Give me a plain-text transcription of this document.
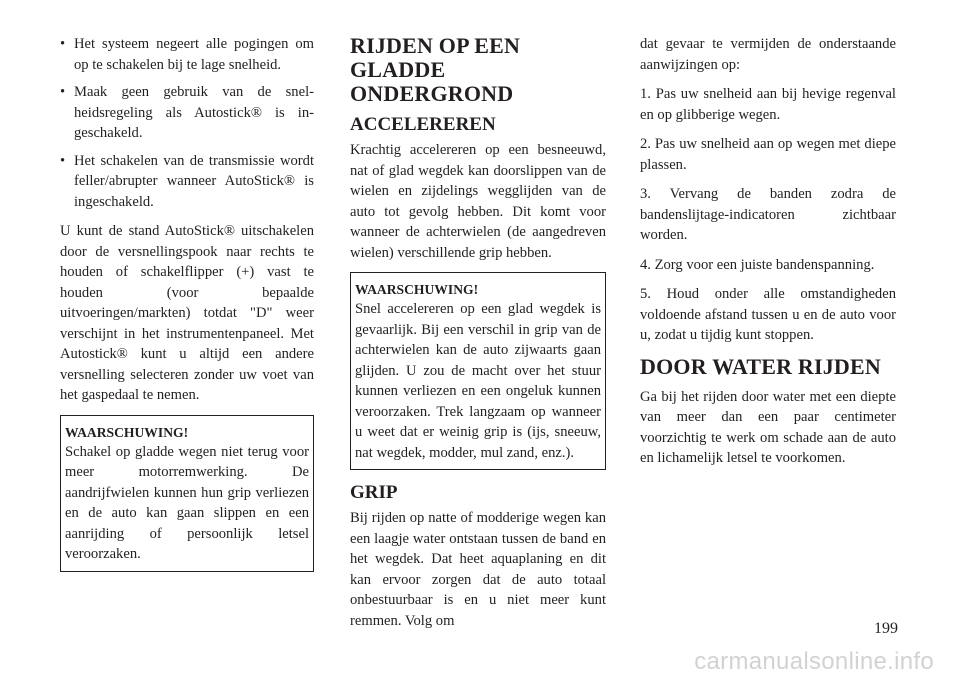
• Het systeem negeert alle pogingen om op te schakelen bij te lage snelheid.
• Maak geen gebruik van de snelheidsregeling als Autostick® is ingeschakeld.
• Het schakelen van de transmissie wordt feller/abrupter wanneer AutoStick® is ingeschakeld.

U kunt de stand AutoStick® uitschakelen door de versnellingspook naar rechts te houden of schakelflipper (+) vast te houden (voor bepaalde uitvoeringen/markten) totdat "D" weer verschijnt in het instrumentenpaneel. Met Autostick® kunt u altijd een andere versnelling selecteren zonder uw voet van het gaspedaal te nemen.

WAARSCHUWING!
Schakel op gladde wegen niet terug voor meer motorremwerking. De aandrijfwielen kunnen hun grip verliezen en de auto kan gaan slippen en een aanrijding of persoonlijk letsel veroorzaken.
RIJDEN OP EEN GLADDE ONDERGROND
ACCELEREREN

Krachtig accelereren op een besneeuwd, nat of glad wegdek kan doorslippen van de wielen en zijdelings wegglijden van de auto tot gevolg hebben. Dit komt voor wanneer de achterwielen (de aangedreven wielen) verschillende grip hebben.

WAARSCHUWING!
Snel accelereren op een glad wegdek is gevaarlijk. Bij een verschil in grip van de achterwielen kan de auto zijwaarts gaan glijden. U zou de macht over het stuur kunnen verliezen en een ongeluk kunnen veroorzaken. Trek langzaam op wanneer u weet dat er weinig grip is (ijs, sneeuw, nat wegdek, modder, mul zand, enz.).
GRIP

Bij rijden op natte of modderige wegen kan een laagje water ontstaan tussen de band en het wegdek. Dat heet aquaplaning en dit kan ervoor zorgen dat de auto totaal onbestuurbaar is en u niet meer kunt remmen. Volg om

dat gevaar te vermijden de onderstaande aanwijzingen op:

1. Pas uw snelheid aan bij hevige regenval en op glibberige wegen.

2. Pas uw snelheid aan op wegen met diepe plassen.

3. Vervang de banden zodra de bandenslijtage-indicatoren zichtbaar worden.

4. Zorg voor een juiste bandenspanning.

5. Houd onder alle omstandigheden voldoende afstand tussen u en de auto voor u, zodat u tijdig kunt stoppen.

DOOR WATER RIJDEN

Ga bij het rijden door water met een diepte van meer dan een paar centimeter voorzichtig te werk om schade aan de auto en lichamelijk letsel te voorkomen.

199
carmanualsonline.info
